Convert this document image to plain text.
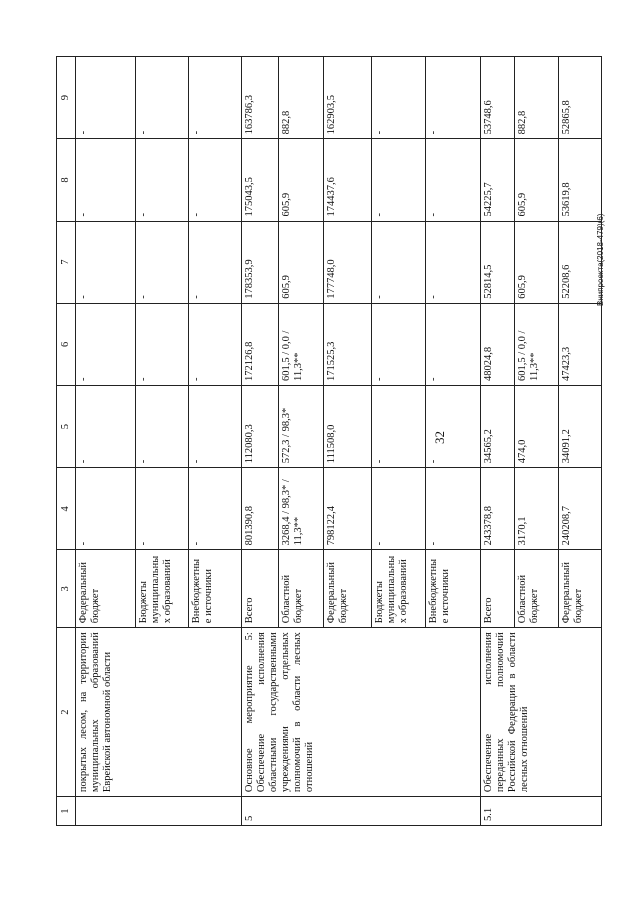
32
Внипроекта(2018-479)(6)
1	2	3	4	5	6	7	8	9
	покрытых лесом, на территории муниципальных образований Еврейской автономной области	Федеральный бюджет	-	-	-	-	-	-
		Бюджеты муниципальных образований	-	-	-	-	-	-
		Внебюджетные источники	-	-	-	-	-	-
5	Основное мероприятие 5: Обеспечение исполнения областными государственными учреждениями отдельных полномочий в области лесных отношений	Всего	801390,8	112080,3	172126,8	178353,9	175043,5	163786,3
		Областной бюджет	3268,4 / 98,3* / 11,3**	572,3 / 98,3*	601,5 / 0,0 / 11,3**	605,9	605,9	882,8
		Федеральный бюджет	798122,4	111508,0	171525,3	177748,0	174437,6	162903,5
		Бюджеты муниципальных образований	-	-	-	-	-	-
		Внебюджетные источники	-	-	-	-	-	-
5.1	Обеспечение исполнения переданных полномочий Российской Федерации в области лесных отношений	Всего	243378,8	34565,2	48024,8	52814,5	54225,7	53748,6
		Областной бюджет	3170,1	474,0	601,5 / 0,0 / 11,3**	605,9	605,9	882,8
		Федеральный бюджет	240208,7	34091,2	47423,3	52208,6	53619,8	52865,8
